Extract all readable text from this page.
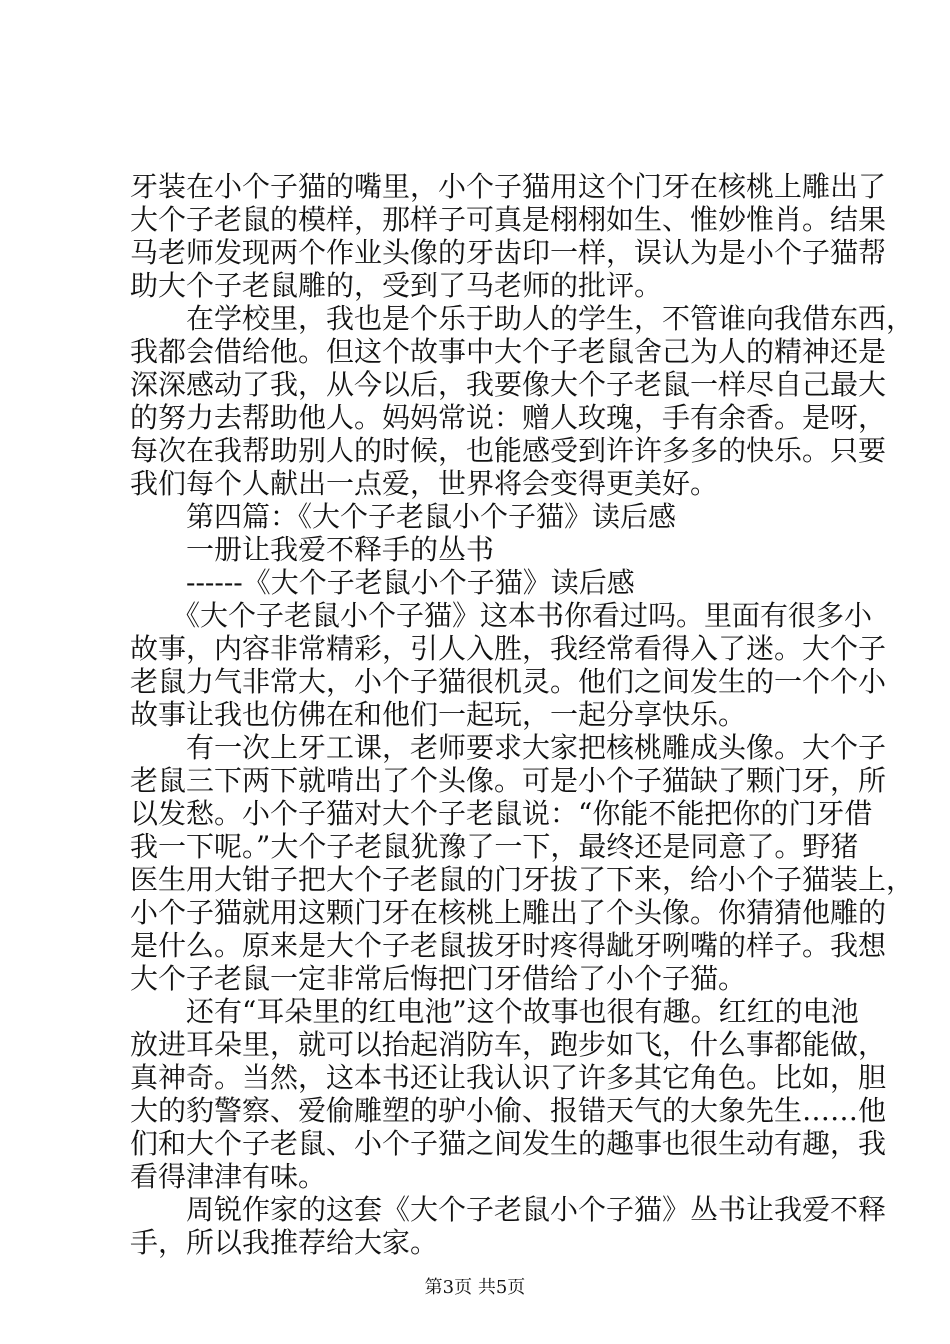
牙装在小个子猫的嘴里，小个子猫用这个门牙在核桃上雕出了
大个子老鼠的模样，那样子可真是栩栩如生、惟妙惟肖。结果
马老师发现两个作业头像的牙齿印一样，误认为是小个子猫帮
助大个子老鼠雕的，受到了马老师的批评。
　　在学校里，我也是个乐于助人的学生，不管谁向我借东西，
我都会借给他。但这个故事中大个子老鼠舍己为人的精神还是
深深感动了我，从今以后，我要像大个子老鼠一样尽自己最大
的努力去帮助他人。妈妈常说：赠人玫瑰，手有余香。是呀，
每次在我帮助别人的时候，也能感受到许许多多的快乐。只要
我们每个人献出一点爱，世界将会变得更美好。
　　第四篇：《大个子老鼠小个子猫》读后感
　　一册让我爱不释手的丛书
　　------《大个子老鼠小个子猫》读后感
　　《大个子老鼠小个子猫》这本书你看过吗。里面有很多小
故事，内容非常精彩，引人入胜，我经常看得入了迷。大个子
老鼠力气非常大，小个子猫很机灵。他们之间发生的一个个小
故事让我也仿佛在和他们一起玩，一起分享快乐。
　　有一次上牙工课，老师要求大家把核桃雕成头像。大个子
老鼠三下两下就啃出了个头像。可是小个子猫缺了颗门牙，所
以发愁。小个子猫对大个子老鼠说：“你能不能把你的门牙借
我一下呢。”大个子老鼠犹豫了一下，最终还是同意了。野猪
医生用大钳子把大个子老鼠的门牙拔了下来，给小个子猫装上，
小个子猫就用这颗门牙在核桃上雕出了个头像。你猜猜他雕的
是什么。原来是大个子老鼠拔牙时疼得龇牙咧嘴的样子。我想
大个子老鼠一定非常后悔把门牙借给了小个子猫。
　　还有“耳朵里的红电池”这个故事也很有趣。红红的电池
放进耳朵里，就可以抬起消防车，跑步如飞，什么事都能做，
真神奇。当然，这本书还让我认识了许多其它角色。比如，胆
大的豹警察、爱偷雕塑的驴小偷、报错天气的大象先生……他
们和大个子老鼠、小个子猫之间发生的趣事也很生动有趣，我
看得津津有味。
　　周锐作家的这套《大个子老鼠小个子猫》丛书让我爱不释
手，所以我推荐给大家。
第3页 共5页
